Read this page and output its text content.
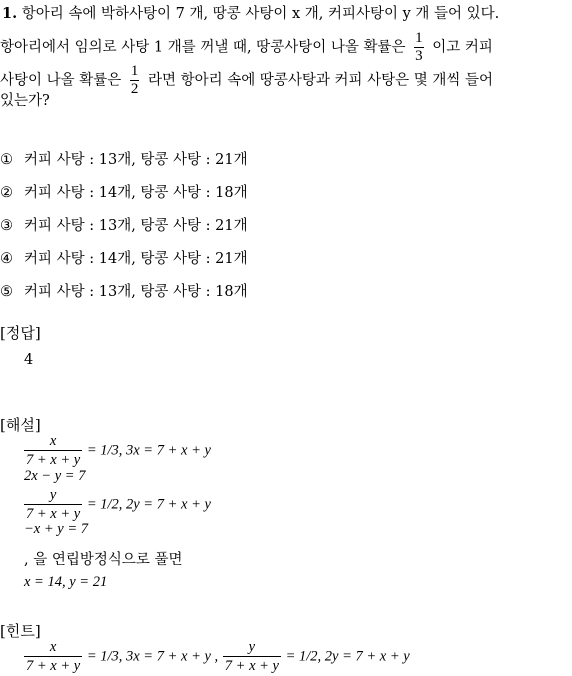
1. 항아리 속에 박하사탕이 7 개, 땅콩 사탕이 x 개, 커피사탕이 y 개 들어 있다.
항아리에서 임의로 사탕 1 개를 꺼낼 때, 땅콩사탕이 나올 확률은 $\frac{1}{3}$ 이고 커피
사탕이 나올 확률은 $\frac{1}{2}$ 라면 항아리 속에 땅콩사탕과 커피 사탕은 몇 개씩 들어
있는가?
① 커피 사탕 : 13개, 탕콩 사탕 : 21개
② 커피 사탕 : 14개, 탕콩 사탕 : 18개
③ 커피 사탕 : 13개, 탕콩 사탕 : 21개
④ 커피 사탕 : 14개, 탕콩 사탕 : 21개
⑤ 커피 사탕 : 13개, 탕콩 사탕 : 18개
[정답]
4
[해설]
$\frac{x}{7 + x + y} = 1/3$, 3x = 7 + x + y
2x − y = 7
$\frac{y}{7 + x + y} = 1/2$, 2y = 7 + x + y
−x + y = 7
, 을 연립방정식으로 풀면
x = 14, y = 21
[힌트]
$\frac{x}{7 + x + y} = 1/3$, 3x = 7 + x + y , $\frac{y}{7 + x + y} = 1/2$, 2y = 7 + x + y
